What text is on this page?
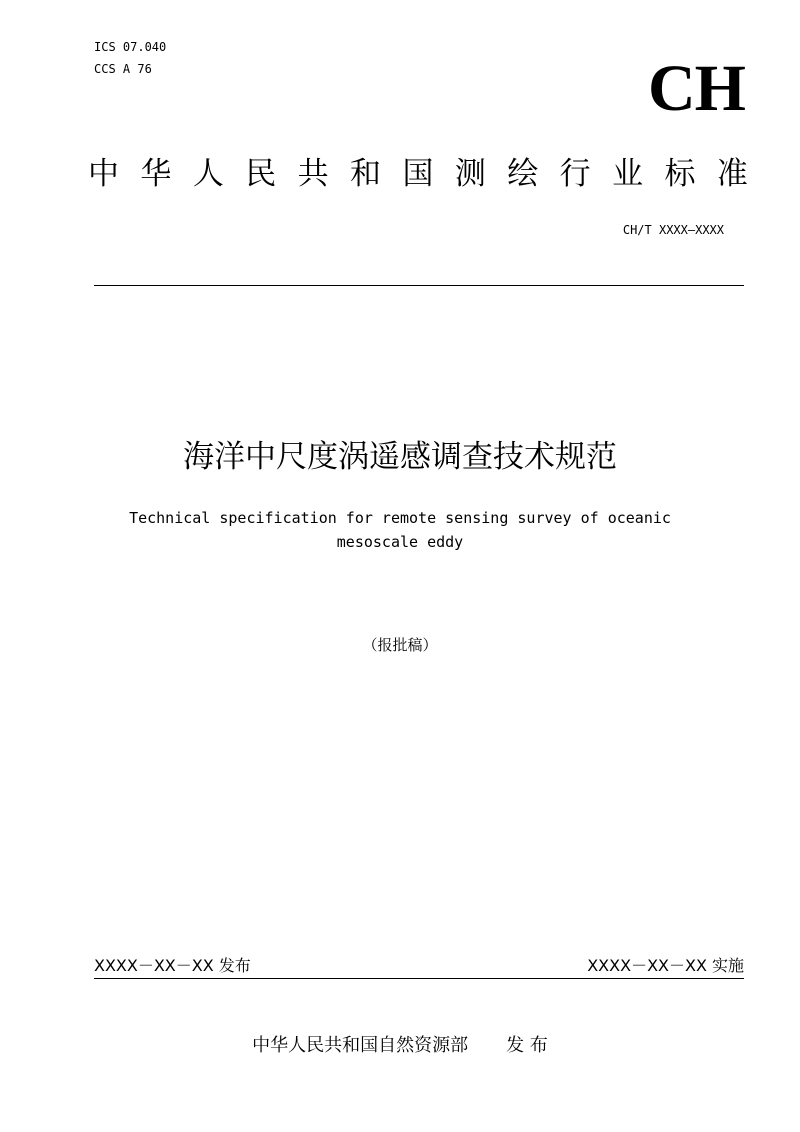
ICS 07.040
CCS A 76	CH
中 华 人 民 共 和 国 测 绘 行 业 标 准
CH/T XXXX—XXXX
海洋中尺度涡遥感调查技术规范
Technical specification for remote sensing survey of oceanic mesoscale eddy
（报批稿）
XXXX－XX－XX 发布	XXXX－XX－XX 实施
中华人民共和国自然资源部 发 布
